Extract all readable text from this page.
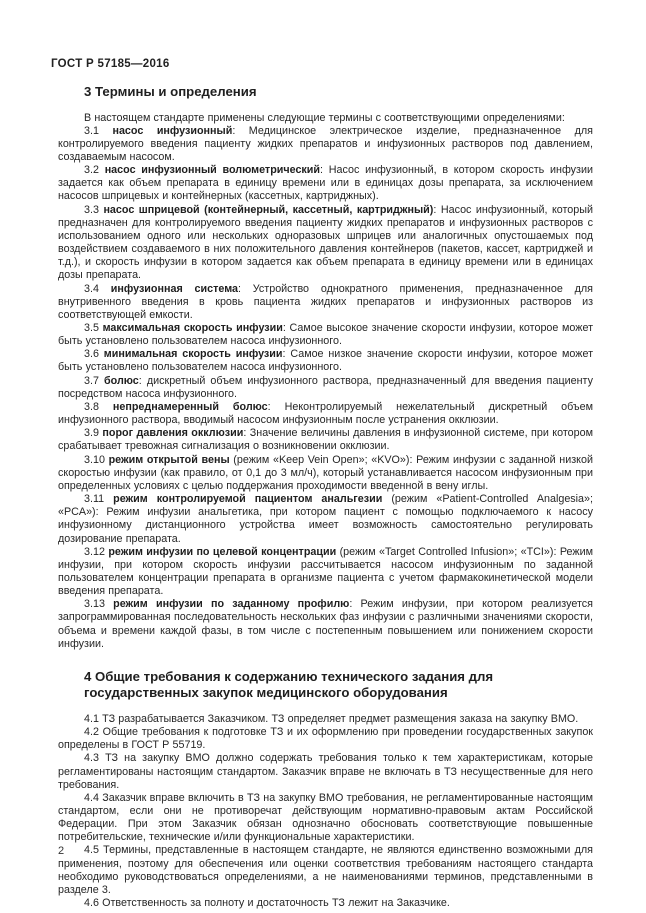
ГОСТ Р 57185—2016
3 Термины и определения

В настоящем стандарте применены следующие термины с соответствующими определениями:

3.1 насос инфузионный: Медицинское электрическое изделие, предназначенное для контролируемого введения пациенту жидких препаратов и инфузионных растворов под давлением, создаваемым насосом.

3.2 насос инфузионный волюметрический: Насос инфузионный, в котором скорость инфузии задается как объем препарата в единицу времени или в единицах дозы препарата, за исключением насосов шприцевых и контейнерных (кассетных, картриджных).

3.3 насос шприцевой (контейнерный, кассетный, картриджный): Насос инфузионный, который предназначен для контролируемого введения пациенту жидких препаратов и инфузионных растворов с использованием одного или нескольких одноразовых шприцев или аналогичных опустошаемых под воздействием создаваемого в них положительного давления контейнеров (пакетов, кассет, картриджей и т.д.), и скорость инфузии в котором задается как объем препарата в единицу времени или в единицах дозы препарата.

3.4 инфузионная система: Устройство однократного применения, предназначенное для внутривенного введения в кровь пациента жидких препаратов и инфузионных растворов из соответствующей емкости.

3.5 максимальная скорость инфузии: Самое высокое значение скорости инфузии, которое может быть установлено пользователем насоса инфузионного.

3.6 минимальная скорость инфузии: Самое низкое значение скорости инфузии, которое может быть установлено пользователем насоса инфузионного.

3.7 болюс: дискретный объем инфузионного раствора, предназначенный для введения пациенту посредством насоса инфузионного.

3.8 непреднамеренный болюс: Неконтролируемый нежелательный дискретный объем инфузионного раствора, вводимый насосом инфузионным после устранения окклюзии.

3.9 порог давления окклюзии: Значение величины давления в инфузионной системе, при котором срабатывает тревожная сигнализация о возникновении окклюзии.

3.10 режим открытой вены (режим «Keep Vein Open»; «KVO»): Режим инфузии с заданной низкой скоростью инфузии (как правило, от 0,1 до 3 мл/ч), который устанавливается насосом инфузионным при определенных условиях с целью поддержания проходимости введенной в вену иглы.

3.11 режим контролируемой пациентом анальгезии (режим «Patient-Controlled Analgesia»; «PCA»): Режим инфузии анальгетика, при котором пациент с помощью подключаемого к насосу инфузионному дистанционного устройства имеет возможность самостоятельно регулировать дозирование препарата.

3.12 режим инфузии по целевой концентрации (режим «Target Controlled Infusion»; «TCI»): Режим инфузии, при котором скорость инфузии рассчитывается насосом инфузионным по заданной пользователем концентрации препарата в организме пациента с учетом фармакокинетической модели введения препарата.

3.13 режим инфузии по заданному профилю: Режим инфузии, при котором реализуется запрограммированная последовательность нескольких фаз инфузии с различными значениями скорости, объема и времени каждой фазы, в том числе с постепенным повышением или понижением скорости инфузии.

4 Общие требования к содержанию технического задания для государственных закупок медицинского оборудования

4.1 ТЗ разрабатывается Заказчиком. ТЗ определяет предмет размещения заказа на закупку ВМО.

4.2 Общие требования к подготовке ТЗ и их оформлению при проведении государственных закупок определены в ГОСТ Р 55719.

4.3 ТЗ на закупку ВМО должно содержать требования только к тем характеристикам, которые регламентированы настоящим стандартом. Заказчик вправе не включать в ТЗ несущественные для него требования.

4.4 Заказчик вправе включить в ТЗ на закупку ВМО требования, не регламентированные настоящим стандартом, если они не противоречат действующим нормативно-правовым актам Российской Федерации. При этом Заказчик обязан однозначно обосновать соответствующие повышенные потребительские, технические и/или функциональные характеристики.

4.5 Термины, представленные в настоящем стандарте, не являются единственно возможными для применения, поэтому для обеспечения или оценки соответствия требованиям настоящего стандарта необходимо руководствоваться определениями, а не наименованиями терминов, представленными в разделе 3.

4.6 Ответственность за полноту и достаточность ТЗ лежит на Заказчике.

2
